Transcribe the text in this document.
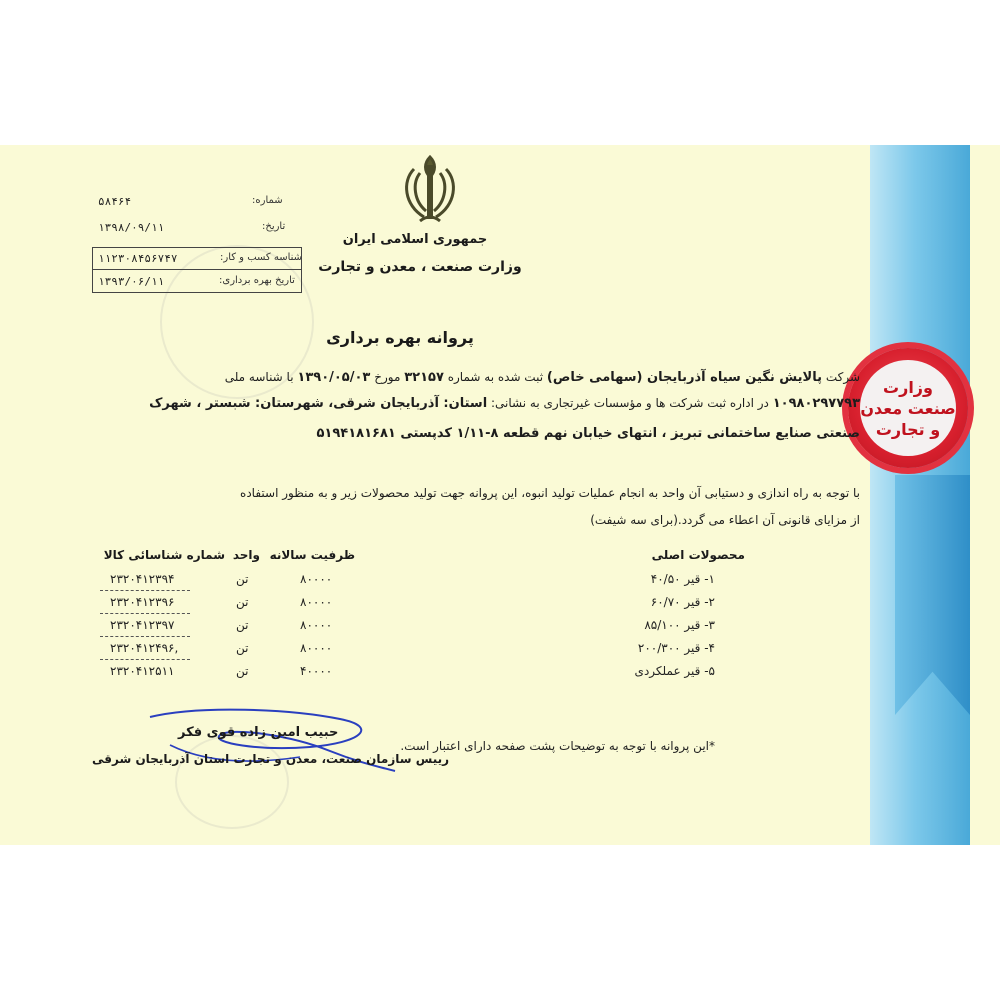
وزارت
صنعت معدن
و تجارت
جمهوری اسلامی ایران
وزارت صنعت ، معدن و تجارت
شماره:
۵۸۴۶۴
تاریخ:
۱۳۹۸/۰۹/۱۱
شناسه کسب و کار:
۱۱۲۳۰۸۴۵۶۷۴۷
تاریخ بهره برداری:
۱۳۹۳/۰۶/۱۱
پروانه بهره برداری
شرکت پالایش نگین سیاه آذربایجان (سهامی خاص) ثبت شده به شماره ۳۲۱۵۷ مورخ ۱۳۹۰/۰۵/۰۳ با شناسه ملی
۱۰۹۸۰۲۹۷۷۹۳ در اداره ثبت شرکت ها و مؤسسات غیرتجاری به نشانی: استان: آذربایجان شرقی، شهرستان: شبستر ، شهرک
صنعتی صنایع ساختمانی تبریز ، انتهای خیابان نهم قطعه ۸-۱/۱۱ کدپستی ۵۱۹۴۱۸۱۶۸۱
با توجه به راه اندازی و دستیابی آن واحد به انجام عملیات تولید انبوه، این پروانه جهت تولید محصولات زیر و به منظور استفاده
از مزایای قانونی آن اعطاء می گردد.(برای سه شیفت)
محصولات اصلی
ظرفیت سالانه
واحد
شماره شناسائی کالا
۱- قیر ۴۰/۵۰
۸۰۰۰۰
تن
۲۳۲۰۴۱۲۳۹۴
۲- قیر ۶۰/۷۰
۸۰۰۰۰
تن
۲۳۲۰۴۱۲۳۹۶
۳- قیر ۸۵/۱۰۰
۸۰۰۰۰
تن
۲۳۲۰۴۱۲۳۹۷
۴- قیر ۲۰۰/۳۰۰
۸۰۰۰۰
تن
۲۳۲۰۴۱۲۴۹۶,
۵- قیر عملکردی
۴۰۰۰۰
تن
۲۳۲۰۴۱۲۵۱۱
*این پروانه با توجه به توضیحات پشت صفحه دارای اعتبار است.
حبیب امین زاده قوی فکر
رییس سازمان صنعت، معدن و تجارت استان آذربایجان شرقی
